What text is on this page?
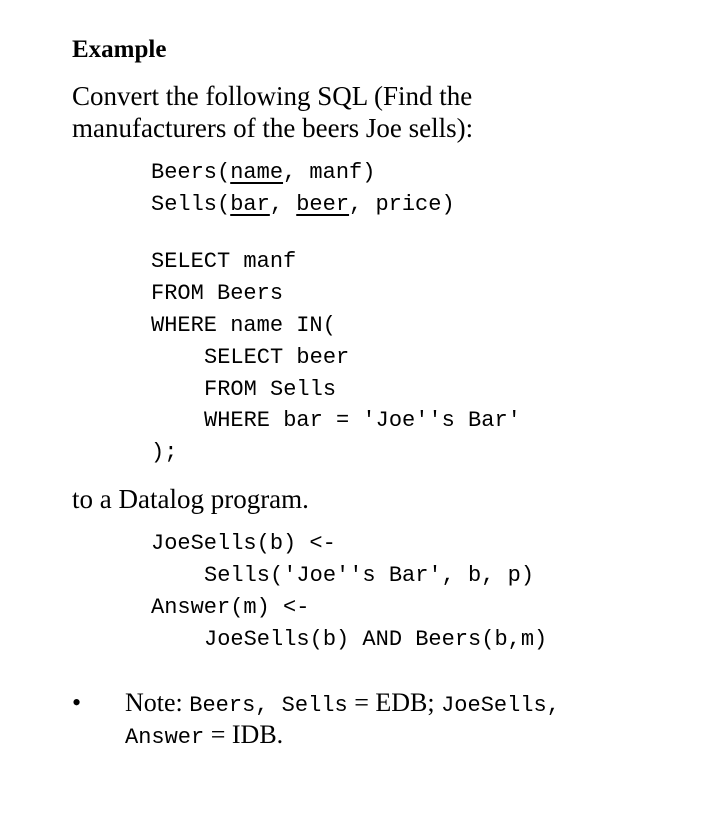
Example
Convert the following SQL (Find the
manufacturers of the beers Joe sells):
Beers(name, manf)
Sells(bar, beer, price)
SELECT manf
FROM Beers
WHERE name IN(
SELECT beer
FROM Sells
WHERE bar = 'Joe''s Bar'
);
to a Datalog program.
JoeSells(b) <-
Sells('Joe''s Bar', b, p)
Answer(m) <-
JoeSells(b) AND Beers(b,m)
• Note: Beers, Sells = EDB; JoeSells,
Answer = IDB.
